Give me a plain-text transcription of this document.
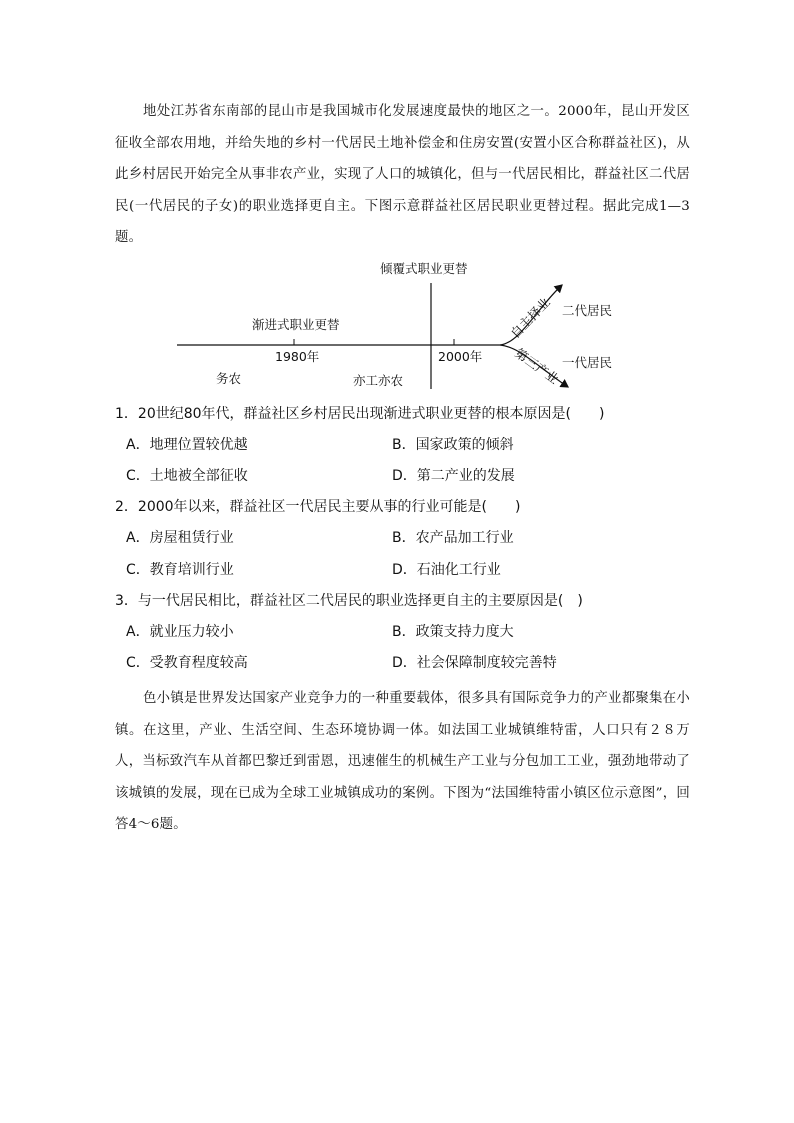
地处江苏省东南部的昆山市是我国城市化发展速度最快的地区之一。2000年，昆山开发区征收全部农用地，并给失地的乡村一代居民土地补偿金和住房安置(安置小区合称群益社区)，从此乡村居民开始完全从事非农产业，实现了人口的城镇化，但与一代居民相比，群益社区二代居民(一代居民的子女)的职业选择更自主。下图示意群益社区居民职业更替过程。据此完成1—3题。
倾覆式职业更替
渐进式职业更替
1980年	2000年
务农	亦工亦农
自主择业
第三产业
二代居民
一代居民
1．20世纪80年代，群益社区乡村居民出现渐进式职业更替的根本原因是(　　)
A．地理位置较优越	B．国家政策的倾斜
C．土地被全部征收	D．第二产业的发展
2．2000年以来，群益社区一代居民主要从事的行业可能是(　　)
A．房屋租赁行业	B．农产品加工行业
C．教育培训行业	D．石油化工行业
3．与一代居民相比，群益社区二代居民的职业选择更自主的主要原因是(　)
A．就业压力较小	B．政策支持力度大
C．受教育程度较高	D．社会保障制度较完善特
色小镇是世界发达国家产业竞争力的一种重要载体，很多具有国际竞争力的产业都聚集在小镇。在这里，产业、生活空间、生态环境协调一体。如法国工业城镇维特雷，人口只有２８万人，当标致汽车从首都巴黎迁到雷恩，迅速催生的机械生产工业与分包加工工业，强劲地带动了该城镇的发展，现在已成为全球工业城镇成功的案例。下图为“法国维特雷小镇区位示意图”，回答4～6题。
